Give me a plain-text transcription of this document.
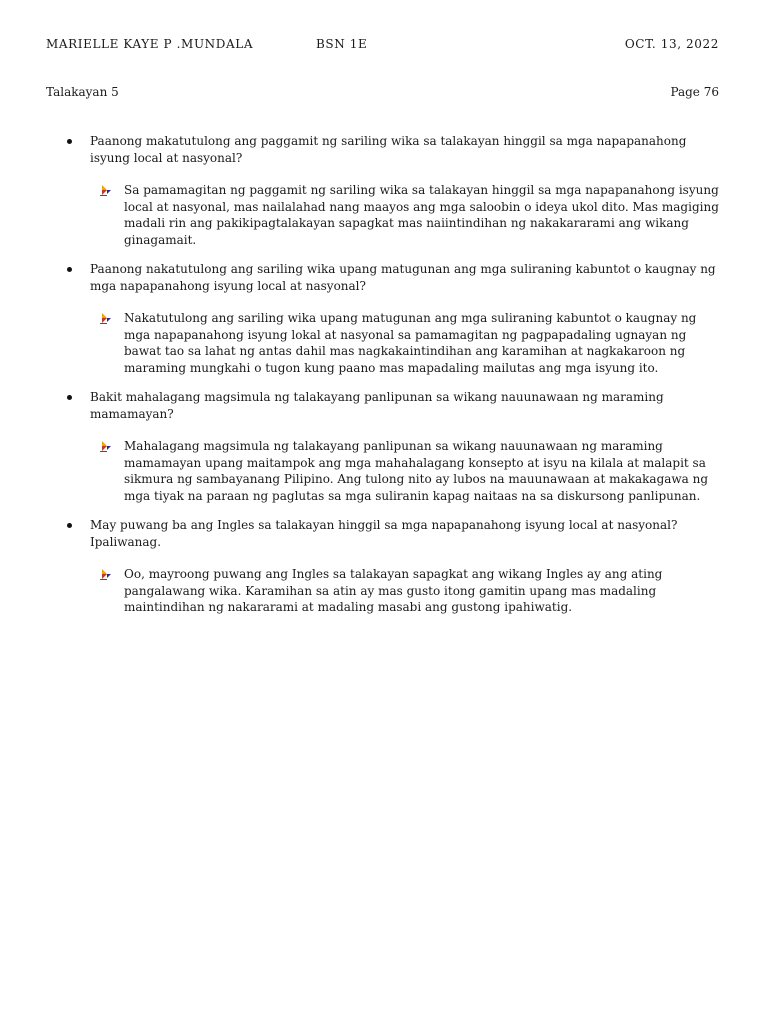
MARIELLE KAYE P .MUNDALA	BSN 1E	OCT. 13, 2022
Talakayan 5	Page 76
Paanong makatutulong ang paggamit ng sariling wika sa talakayan hinggil sa mga napapanahong isyung local at nasyonal?
Sa pamamagitan ng paggamit ng sariling wika sa talakayan hinggil sa mga napapanahong isyung local at nasyonal, mas nailalahad nang maayos ang mga saloobin o ideya ukol dito. Mas magiging madali rin ang pakikipagtalakayan sapagkat mas naiintindihan ng nakakararami ang wikang ginagamait.
Paanong nakatutulong ang sariling wika upang matugunan ang mga suliraning kabuntot o kaugnay ng mga napapanahong isyung local at nasyonal?
Nakatutulong ang sariling wika upang matugunan ang mga suliraning kabuntot o kaugnay ng mga napapanahong isyung lokal at nasyonal sa pamamagitan ng pagpapadaling ugnayan ng bawat tao sa lahat ng antas dahil mas nagkakaintindihan ang karamihan at nagkakaroon ng maraming mungkahi o tugon kung paano mas mapadaling mailutas ang mga isyung ito.
Bakit mahalagang magsimula ng talakayang panlipunan sa wikang nauunawaan ng maraming mamamayan?
Mahalagang magsimula ng talakayang panlipunan sa wikang nauunawaan ng maraming mamamayan upang maitampok ang mga mahahalagang konsepto at isyu na kilala at malapit sa sikmura ng sambayanang Pilipino. Ang tulong nito ay lubos na mauunawaan at makakagawa ng mga tiyak na paraan ng paglutas sa mga suliranin kapag naitaas na sa diskursong panlipunan.
May puwang ba ang Ingles sa talakayan hinggil sa mga napapanahong isyung local at nasyonal? Ipaliwanag.
Oo, mayroong puwang ang Ingles sa talakayan sapagkat ang wikang Ingles ay ang ating pangalawang wika. Karamihan sa atin ay mas gusto itong gamitin upang mas madaling maintindihan ng nakararami at madaling masabi ang gustong ipahiwatig.
